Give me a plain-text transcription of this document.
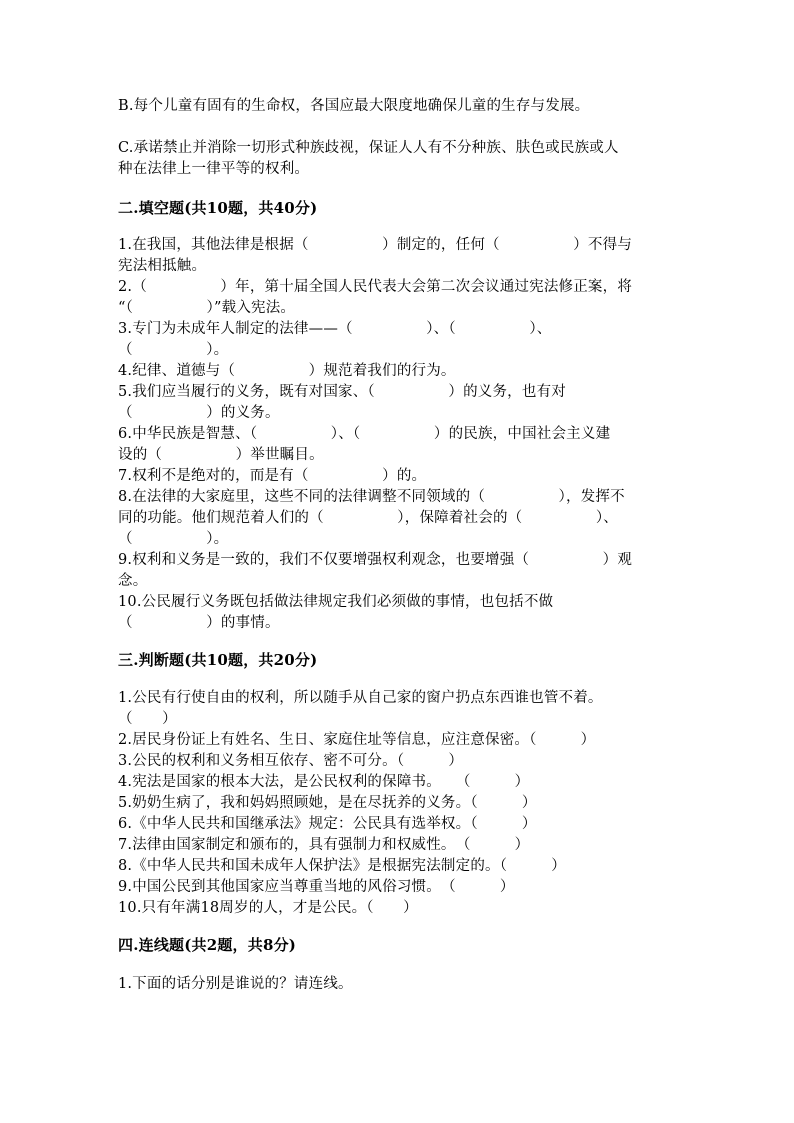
B.每个儿童有固有的生命权，各国应最大限度地确保儿童的生存与发展。
C.承诺禁止并消除一切形式种族歧视，保证人人有不分种族、肤色或民族或人
种在法律上一律平等的权利。
二.填空题(共10题，共40分)
1.在我国，其他法律是根据（　　　　　）制定的，任何（　　　　　）不得与
宪法相抵触。
2.（　　　　　）年，第十届全国人民代表大会第二次会议通过宪法修正案，将
“（　　　　　）”载入宪法。
3.专门为未成年人制定的法律——（　　　　　）、（　　　　　）、
（　　　　　）。
4.纪律、道德与（　　　　　）规范着我们的行为。
5.我们应当履行的义务，既有对国家、（　　　　　）的义务，也有对
（　　　　　）的义务。
6.中华民族是智慧、（　　　　　）、（　　　　　）的民族，中国社会主义建
设的（　　　　　）举世瞩目。
7.权利不是绝对的，而是有（　　　　　）的。
8.在法律的大家庭里，这些不同的法律调整不同领域的（　　　　　），发挥不
同的功能。他们规范着人们的（　　　　　），保障着社会的（　　　　　）、
（　　　　　）。
9.权利和义务是一致的，我们不仅要增强权利观念，也要增强（　　　　　）观
念。
10.公民履行义务既包括做法律规定我们必须做的事情，也包括不做
（　　　　　）的事情。
三.判断题(共10题，共20分)
1.公民有行使自由的权利，所以随手从自己家的窗户扔点东西谁也管不着。
（　　）
2.居民身份证上有姓名、生日、家庭住址等信息，应注意保密。（　　　）
3.公民的权利和义务相互依存、密不可分。（　　　）
4.宪法是国家的根本大法，是公民权利的保障书。　　（　　　）
5.奶奶生病了，我和妈妈照顾她，是在尽抚养的义务。（　　　）
6.《中华人民共和国继承法》规定：公民具有选举权。（　　　）
7.法律由国家制定和颁布的，具有强制力和权威性。　（　　　）
8.《中华人民共和国未成年人保护法》是根据宪法制定的。（　　　）
9.中国公民到其他国家应当尊重当地的风俗习惯。　（　　　）
10.只有年满18周岁的人，才是公民。（　　）
四.连线题(共2题，共8分)
1.下面的话分别是谁说的？请连线。
